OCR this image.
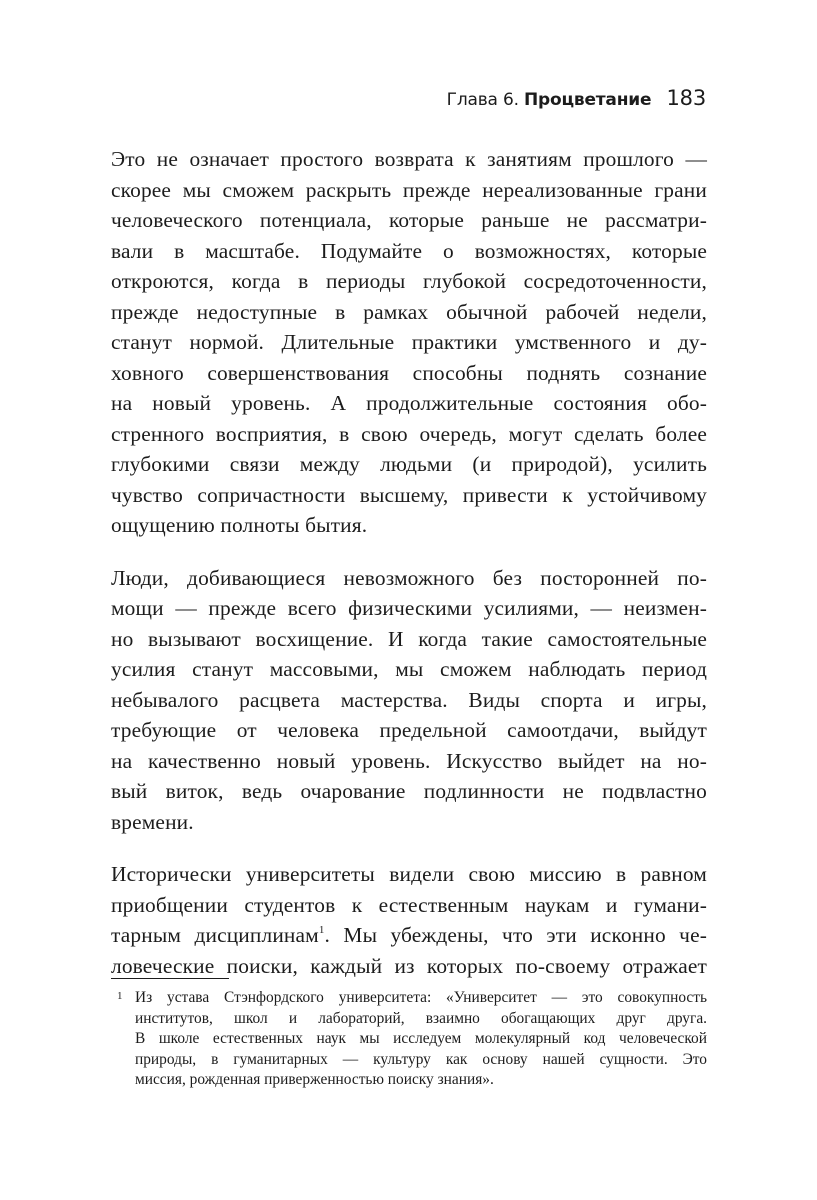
Глава 6. Процветание 183

Это не означает простого возврата к занятиям прошлого —
скорее мы сможем раскрыть прежде нереализованные грани
человеческого потенциала, которые раньше не рассматри-
вали в масштабе. Подумайте о возможностях, которые
откроются, когда в периоды глубокой сосредоточенности,
прежде недоступные в рамках обычной рабочей недели,
станут нормой. Длительные практики умственного и ду-
ховного совершенствования способны поднять сознание
на новый уровень. А продолжительные состояния обо-
стренного восприятия, в свою очередь, могут сделать более
глубокими связи между людьми (и природой), усилить
чувство сопричастности высшему, привести к устойчивому
ощущению полноты бытия.

Люди, добивающиеся невозможного без посторонней по-
мощи — прежде всего физическими усилиями, — неизмен-
но вызывают восхищение. И когда такие самостоятельные
усилия станут массовыми, мы сможем наблюдать период
небывалого расцвета мастерства. Виды спорта и игры,
требующие от человека предельной самоотдачи, выйдут
на качественно новый уровень. Искусство выйдет на но-
вый виток, ведь очарование подлинности не подвластно
времени.

Исторически университеты видели свою миссию в равном
приобщении студентов к естественным наукам и гумани-
тарным дисциплинам$^1$. Мы убеждены, что эти исконно че-
ловеческие поиски, каждый из которых по-своему отражает

1 Из устава Стэнфордского университета: «Университет — это совокупность
институтов, школ и лабораторий, взаимно обогащающих друг друга.
В школе естественных наук мы исследуем молекулярный код человеческой
природы, в гуманитарных — культуру как основу нашей сущности. Это
миссия, рожденная приверженностью поиску знания».
